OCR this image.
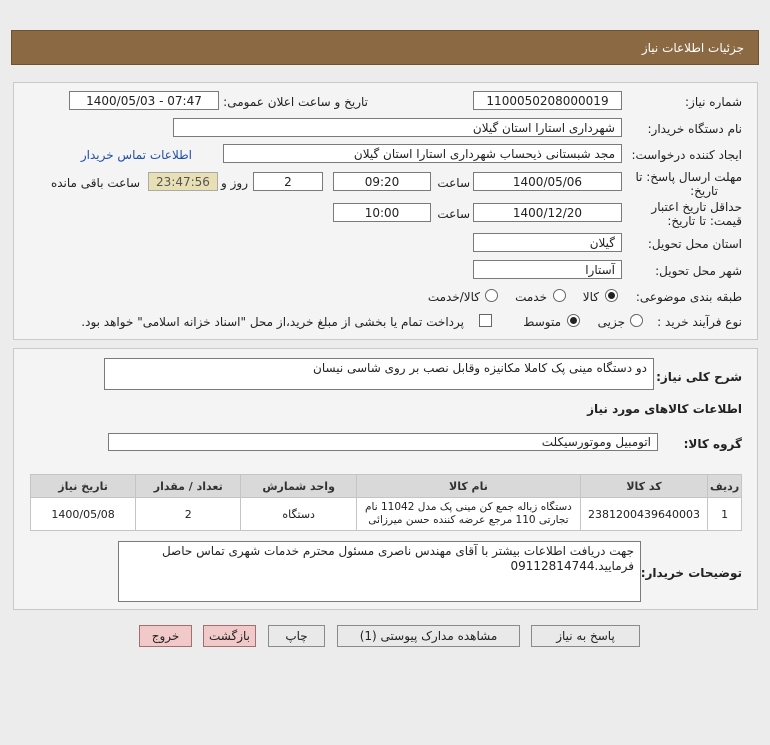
جزئیات اطلاعات نیاز
شماره نیاز:
1100050208000019
تاریخ و ساعت اعلان عمومی:
1400/05/03 - 07:47
نام دستگاه خریدار:
شهرداری استارا استان گیلان
ایجاد کننده درخواست:
مجد شبستانی ذیحساب شهرداری استارا استان گیلان
اطلاعات تماس خریدار
مهلت ارسال پاسخ: تا
تاریخ:
1400/05/06
ساعت
09:20
2
روز و
23:47:56
ساعت باقی مانده
حداقل تاریخ اعتبار
قیمت: تا تاریخ:
1400/12/20
ساعت
10:00
استان محل تحویل:
گیلان
شهر محل تحویل:
آستارا
طبقه بندی موضوعی:
کالا
خدمت
کالا/خدمت
نوع فرآیند خرید :
جزیی
متوسط
پرداخت تمام یا بخشی از مبلغ خرید،از محل "اسناد خزانه اسلامی" خواهد بود.
شرح کلی نیاز:
دو دستگاه مینی پک کاملا مکانیزه وقابل نصب بر روی شاسی نیسان
اطلاعات کالاهای مورد نیاز
گروه کالا:
اتومبیل وموتورسیکلت
ردیف	کد کالا	نام کالا	واحد شمارش	تعداد / مقدار	تاریخ نیاز
1	2381200439640003	دستگاه زباله جمع کن مینی پک مدل 11042 نام تجارتی 110 مرجع عرضه کننده حسن میرزائی	دستگاه	2	1400/05/08
توضیحات خریدار:
جهت دریافت اطلاعات بیشتر با آقای مهندس ناصری مسئول محترم خدمات شهری تماس حاصل فرمایید.09112814744
پاسخ به نیاز
مشاهده مدارک پیوستی (1)
چاپ
بازگشت
خروج
